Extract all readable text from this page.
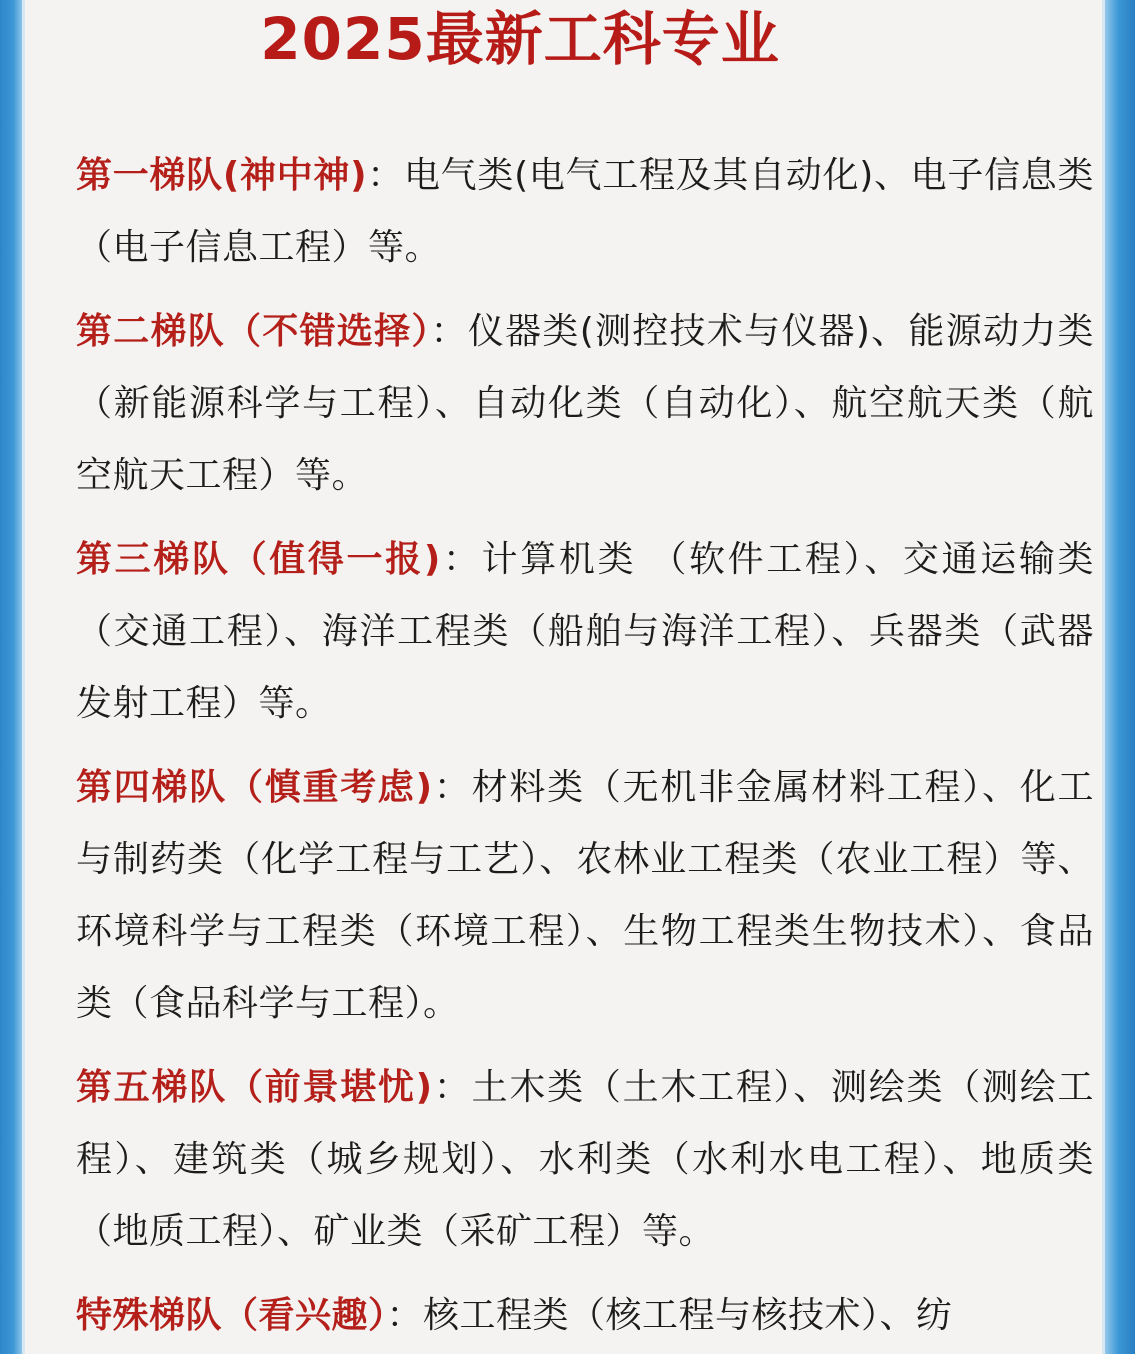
2025最新工科专业

第一梯队(神中神)：电气类(电气工程及其自动化)、电子信息类（电子信息工程）等。

第二梯队（不错选择）：仪器类(测控技术与仪器)、能源动力类（新能源科学与工程）、自动化类（自动化）、航空航天类（航空航天工程）等。

第三梯队（值得一报)：计算机类 （软件工程）、交通运输类（交通工程）、海洋工程类（船舶与海洋工程）、兵器类（武器发射工程）等。

第四梯队（慎重考虑)：材料类（无机非金属材料工程）、化工与制药类（化学工程与工艺）、农林业工程类（农业工程）等、环境科学与工程类（环境工程）、生物工程类生物技术）、食品类（食品科学与工程）。

第五梯队（前景堪忧)：土木类（土木工程）、测绘类（测绘工程）、建筑类（城乡规划）、水利类（水利水电工程）、地质类（地质工程）、矿业类（采矿工程）等。

特殊梯队（看兴趣）：核工程类（核工程与核技术）、纺
